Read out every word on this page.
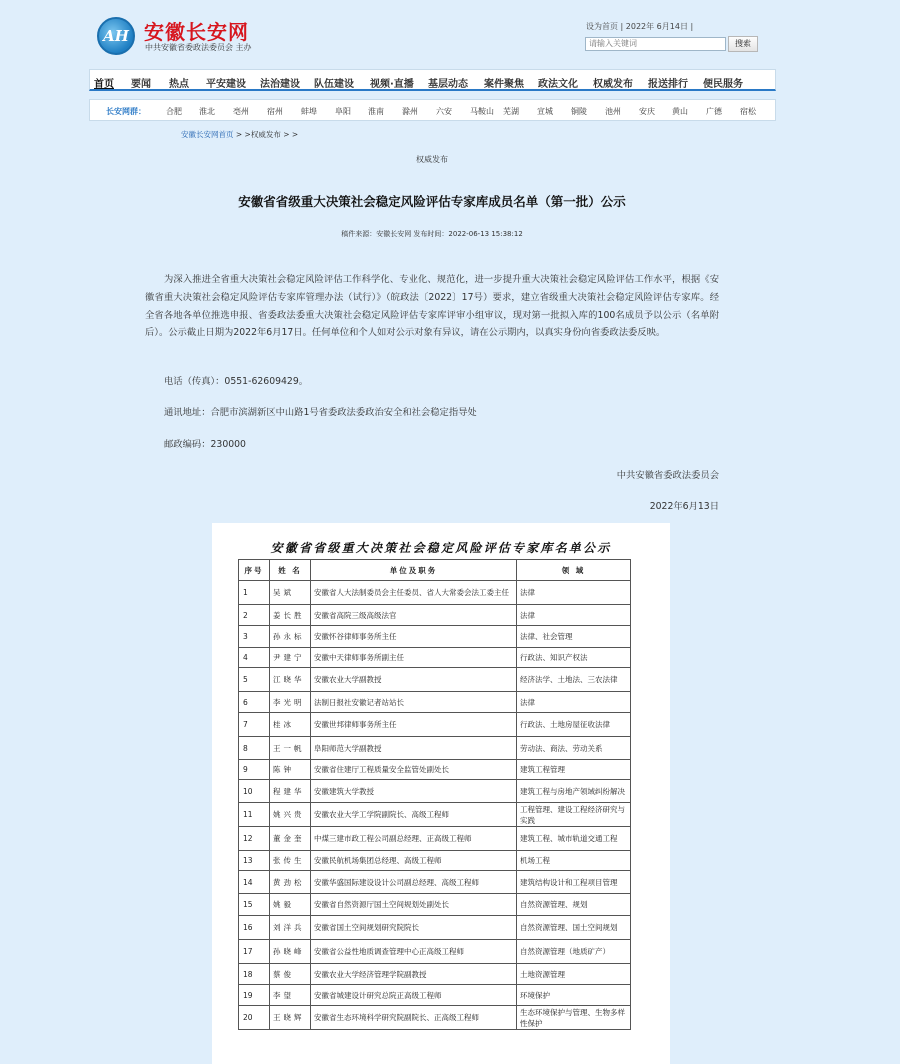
AH 安徽长安网
中共安徽省委政法委员会 主办
设为首页 | 2022年 6月14日 |
请输入关键词
搜索
首页 要闻 热点 平安建设 法治建设 队伍建设 视频·直播 基层动态 案件聚焦 政法文化 权威发布 报送排行 便民服务
长安网群：	合肥 淮北 亳州 宿州 蚌埠 阜阳 淮南 滁州 六安 马鞍山 芜湖 宣城 铜陵 池州 安庆 黄山 广德 宿松
安徽长安网首页 > >权威发布 > >
权威发布
安徽省省级重大决策社会稳定风险评估专家库成员名单（第一批）公示
稿件来源：安徽长安网 发布时间：2022-06-13 15:38:12
为深入推进全省重大决策社会稳定风险评估工作科学化、专业化、规范化，进一步提升重大决策社会稳定风险评估工作水平，根据《安徽省重大决策社会稳定风险评估专家库管理办法（试行）》（皖政法〔2022〕17号）要求，建立省级重大决策社会稳定风险评估专家库。经全省各地各单位推选申报、省委政法委重大决策社会稳定风险评估专家库评审小组审议，现对第一批拟入库的100名成员予以公示（名单附后）。公示截止日期为2022年6月17日。任何单位和个人如对公示对象有异议，请在公示期内，以真实身份向省委政法委反映。
电话（传真）：0551-62609429。
通讯地址：合肥市滨湖新区中山路1号省委政法委政治安全和社会稳定指导处
邮政编码：230000
中共安徽省委政法委员会
2022年6月13日
安徽省省级重大决策社会稳定风险评估专家库名单公示
序号	姓 名	单位及职务	领 域
1	吴斌	安徽省人大法制委员会主任委员、省人大常委会法工委主任	法律
2	姜长胜	安徽省高院三级高级法官	法律
3	孙永标	安徽怀谷律师事务所主任	法律、社会管理
4	尹建宁	安徽中天律师事务所副主任	行政法、知识产权法
5	江晓华	安徽农业大学副教授	经济法学、土地法、三农法律
6	李光明	法制日报社安徽记者站站长	法律
7	桂冰	安徽世邦律师事务所主任	行政法、土地房屋征收法律
8	王一帆	阜阳师范大学副教授	劳动法、商法、劳动关系
9	陈钟	安徽省住建厅工程质量安全监管处副处长	建筑工程管理
10	程建华	安徽建筑大学教授	建筑工程与房地产领域纠纷解决
11	姚兴贵	安徽农业大学工学院副院长、高级工程师	工程管理、建设工程经济研究与实践
12	董金奎	中煤三建市政工程公司副总经理、正高级工程师	建筑工程、城市轨道交通工程
13	张传生	安徽民航机场集团总经理、高级工程师	机场工程
14	黄劲松	安徽华盛国际建设设计公司副总经理、高级工程师	建筑结构设计和工程项目管理
15	姚毅	安徽省自然资源厅国土空间规划处副处长	自然资源管理、规划
16	刘洋兵	安徽省国土空间规划研究院院长	自然资源管理、国土空间规划
17	孙晓峰	安徽省公益性地质调查管理中心正高级工程师	自然资源管理（地质矿产）
18	蔡俊	安徽农业大学经济管理学院副教授	土地资源管理
19	李望	安徽省城建设计研究总院正高级工程师	环境保护
20	王晓辉	安徽省生态环境科学研究院副院长、正高级工程师	生态环境保护与管理、生物多样性保护
